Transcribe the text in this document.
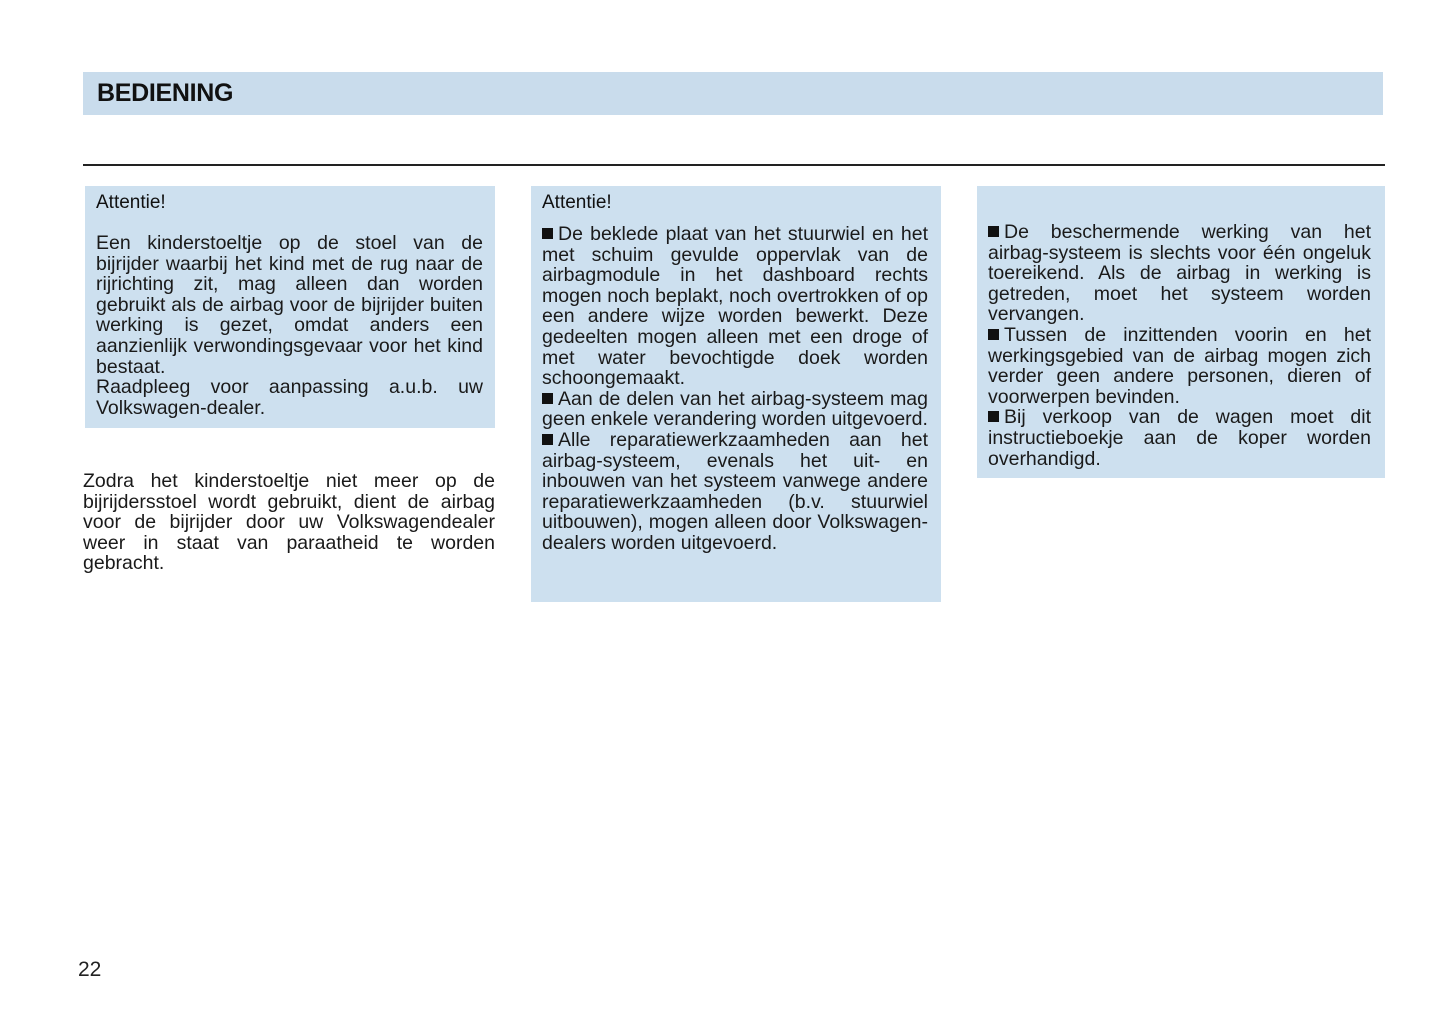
BEDIENING
Attentie!

Een kinderstoeltje op de stoel van de bijrijder waarbij het kind met de rug naar de rijrichting zit, mag alleen dan worden gebruikt als de airbag voor de bijrijder buiten werking is gezet, omdat anders een aanzienlijk verwondingsgevaar voor het kind bestaat.

Raadpleeg voor aanpassing a.u.b. uw Volkswagen-dealer.

Zodra het kinderstoeltje niet meer op de bijrijdersstoel wordt gebruikt, dient de airbag voor de bijrijder door uw Volkswagendealer weer in staat van paraatheid te worden gebracht.

Attentie!

De beklede plaat van het stuurwiel en het met schuim gevulde oppervlak van de airbagmodule in het dashboard rechts mogen noch beplakt, noch overtrokken of op een andere wijze worden bewerkt. Deze gedeelten mogen alleen met een droge of met water bevochtigde doek worden schoongemaakt.

Aan de delen van het airbag-systeem mag geen enkele verandering worden uitgevoerd.

Alle reparatiewerkzaamheden aan het airbag-systeem, evenals het uit- en inbouwen van het systeem vanwege andere reparatiewerkzaamheden (b.v. stuurwiel uitbouwen), mogen alleen door Volkswagen-dealers worden uitgevoerd.

De beschermende werking van het airbag-systeem is slechts voor één ongeluk toereikend. Als de airbag in werking is getreden, moet het systeem worden vervangen.

Tussen de inzittenden voorin en het werkingsgebied van de airbag mogen zich verder geen andere personen, dieren of voorwerpen bevinden.

Bij verkoop van de wagen moet dit instructieboekje aan de koper worden overhandigd.

22
